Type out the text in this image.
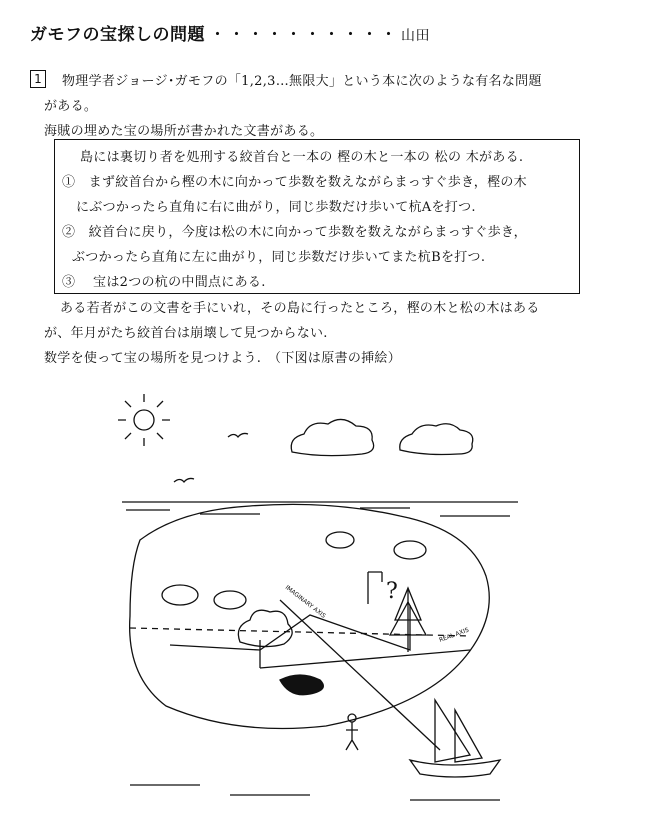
ガモフの宝探しの問題 ・・・・・・・・・・ 山田
1	物理学者ジョージ･ガモフの「1,2,3…無限大」という本に次のような有名な問題
がある。
海賊の埋めた宝の場所が書かれた文書がある。
島には裏切り者を処刑する絞首台と一本の 樫の木と一本の 松の 木がある.
①　まず絞首台から樫の木に向かって歩数を数えながらまっすぐ歩き，樫の木
にぶつかったら直角に右に曲がり，同じ歩数だけ歩いて杭Aを打つ.
②　絞首台に戻り，今度は松の木に向かって歩数を数えながらまっすぐ歩き，
ぶつかったら直角に左に曲がり，同じ歩数だけ歩いてまた杭Bを打つ.
③　 宝は2つの杭の中間点にある.
ある若者がこの文書を手にいれ，その島に行ったところ，樫の木と松の木はある
が、年月がたち絞首台は崩壊して見つからない.
数学を使って宝の場所を見つけよう.　（下図は原書の挿絵）
?
IMAGINARY AXIS
REAL AXIS
